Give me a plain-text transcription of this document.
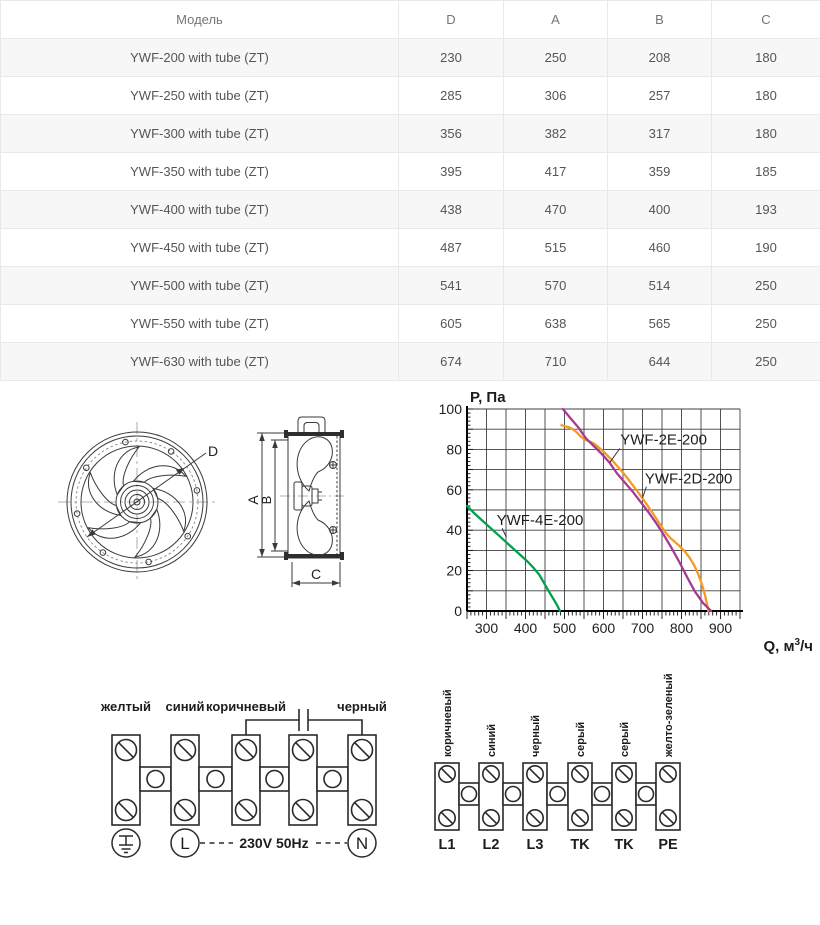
Модель	D	A	B	C
YWF-200 with tube (ZT)	230	250	208	180
YWF-250 with tube (ZT)	285	306	257	180
YWF-300 with tube (ZT)	356	382	317	180
YWF-350 with tube (ZT)	395	417	359	185
YWF-400 with tube (ZT)	438	470	400	193
YWF-450 with tube (ZT)	487	515	460	190
YWF-500 with tube (ZT)	541	570	514	250
YWF-550 with tube (ZT)	605	638	565	250
YWF-630 with tube (ZT)	674	710	644	250
D
A
B
C
YWF-4E-200
YWF-2E-200
YWF-2D-200
300 400 500 600 700 800 900
0
20
40
60
80
100
P, Па
Q, $м^3/ч$
желтый синий коричневый	черный
L	N
230V 50Hz
коричневый	синий	черный	серый	серый	желто-зеленый
L1 L2 L3 TK TK PE
